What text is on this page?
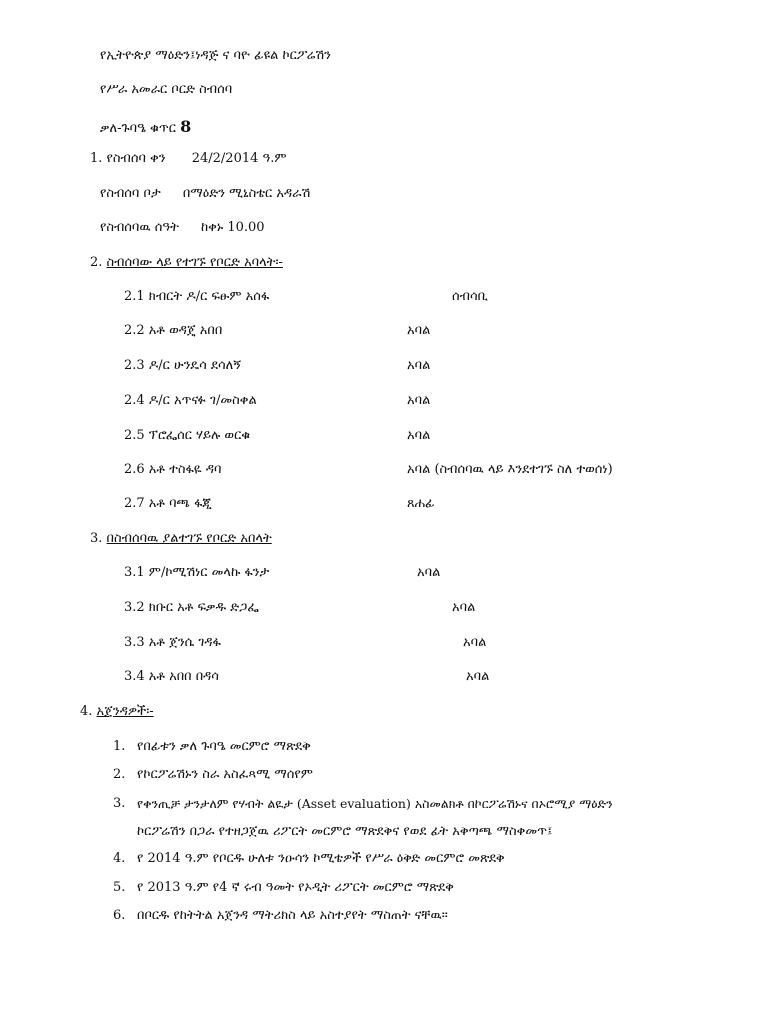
የኢትዮጵያ ማዕድን፤ነዳጅ ና ባዮ ፊዩል ኮርፖሬሽን
የሥራ አመራር ቦርድ ስብሰባ
ቃለ-ጉባዔ ቁጥር 8
1. የስብሰባ ቀን 24/2/2014 ዓ.ም
የስብሰባ ቦታ በማዕድን ሚኒስቴር አዳራሽ
የስብሰባዉ ሰዓት ከቀኑ 10.00
2. ስብሰባው ላይ የተገኙ የቦርድ አባላት፡-
2.1 ክብርት ዶ/ር ፍፁም አሰፋ	ሰብሳቢ
2.2 አቶ ወዳጄ አበበ	አባል
2.3 ዶ/ር ሁንዴሳ ደሳለኝ	አባል
2.4 ዶ/ር አጥናፉ ገ/መስቀል	አባል
2.5 ፕሮፌሰር ሃይሉ ወርቁ	አባል
2.6 አቶ ተስፋዬ ዳባ	አባል (ስብሰባዉ ላይ እንደተገኙ ስለ ተወሰነ)
2.7 አቶ ባጫ ፋጂ	ጸሐፊ
3. በስብሰባዉ ያልተገኙ የቦርድ አበላት
3.1 ም/ኮሚሽነር መላኩ ፋንታ	አባል
3.2 ክቡር አቶ ፍቃዱ ድጋፌ	አባል
3.3 አቶ ጀንሴ ገዳፋ	አባል
3.4 አቶ አበበ በዳሳ	አባል
4. አጀንዳዎች፡-
1. የበፊቱን ቃለ ጉባዔ መርምሮ ማጽደቅ
2. የኮርፖሬሽኑን ስራ አስፈጻሚ ማሰየም
3. የቀንጢቻ ታንታለም የሃብት ልዪታ (Asset evaluation) አስመልክቶ በኮርፖሬሽኑና በኦሮሚያ ማዕድን
ኮርፖሬሽን በጋራ የተዘጋጀዉ ሪፖርት መርምሮ ማጽደቅና የወደ ፊት አቅጣጫ ማስቀመጥ፤
4. የ 2014 ዓ.ም የቦርዱ ሁለቱ ንዑሳን ኮሚቴዎች የሥራ ዕቅድ መርምሮ መጽደቅ
5. የ 2013 ዓ.ም የ4 ኛ ሩብ ዓመት የኦዲት ሪፖርት መርምሮ ማጽደቅ
6. በቦርዱ የከትትል አጀንዳ ማትሪክስ ላይ አስተያየት ማስጠት ናቸዉ።
